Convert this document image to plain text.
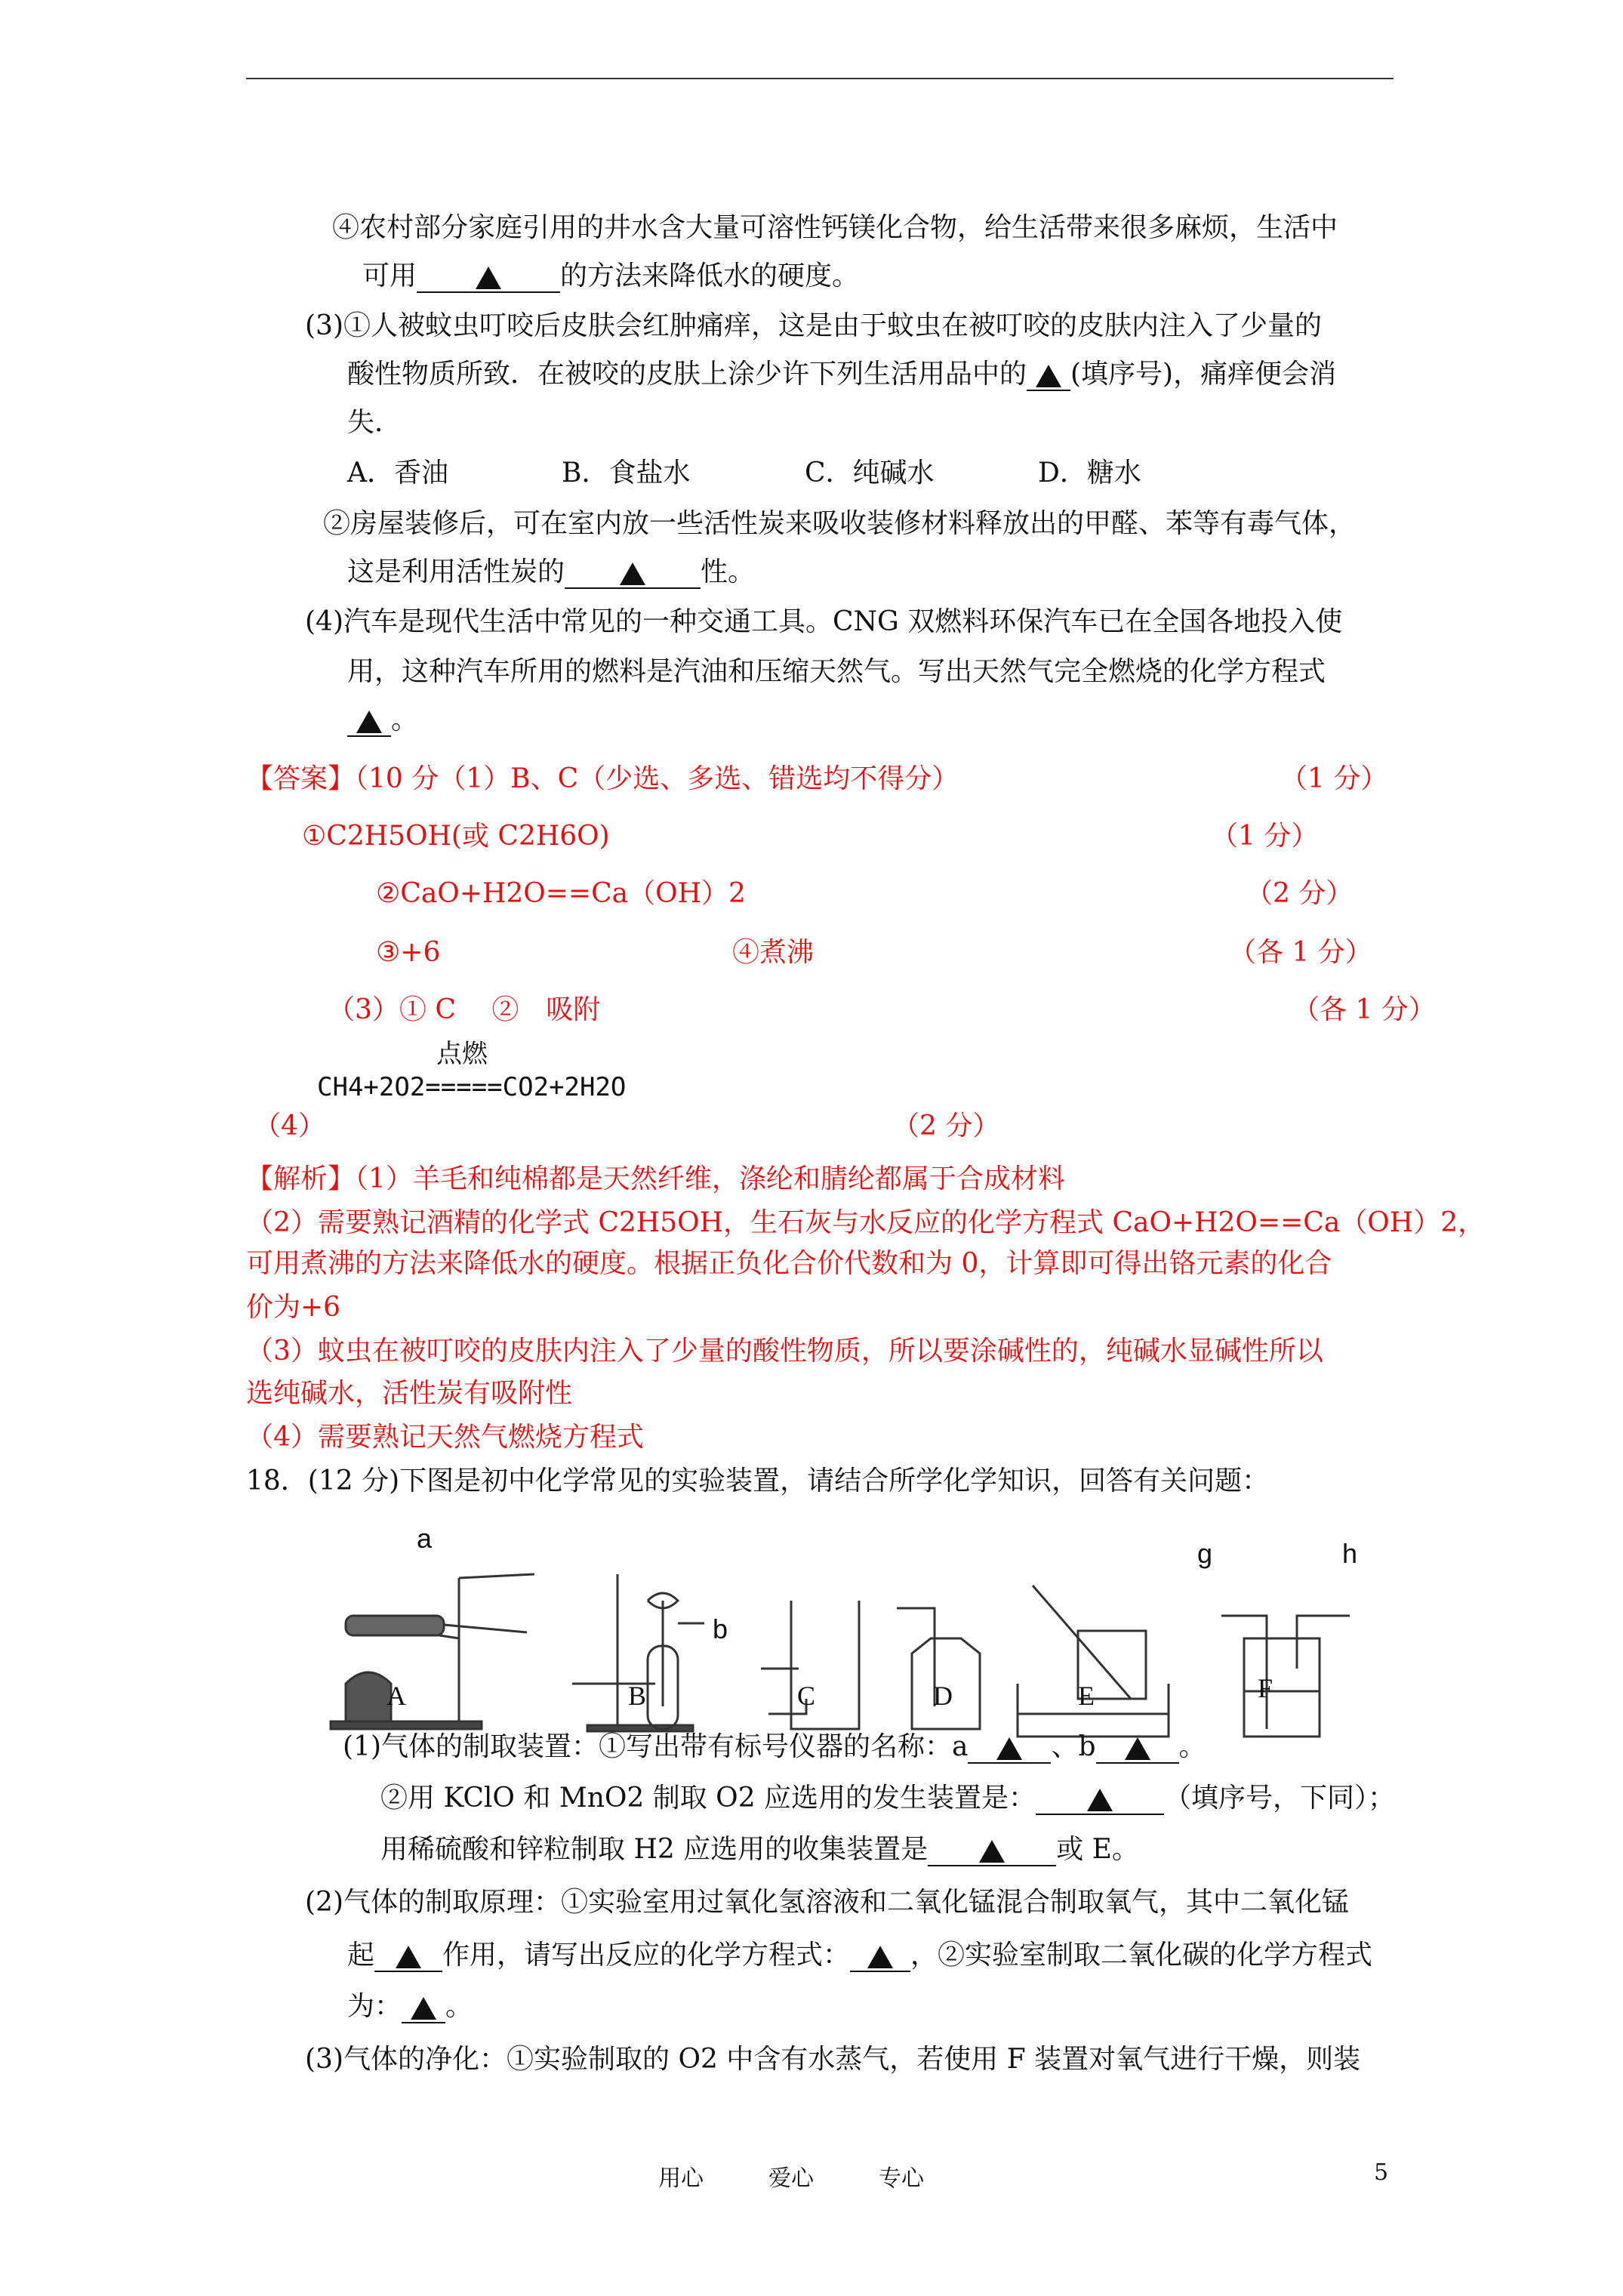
④农村部分家庭引用的井水含大量可溶性钙镁化合物，给生活带来很多麻烦，生活中
可用	的方法来降低水的硬度。
(3)①人被蚊虫叮咬后皮肤会红肿痛痒，这是由于蚊虫在被叮咬的皮肤内注入了少量的
酸性物质所致．在被咬的皮肤上涂少许下列生活用品中的 (填序号)，痛痒便会消
失．
A．香油	B．食盐水	C．纯碱水	D．糖水
②房屋装修后，可在室内放一些活性炭来吸收装修材料释放出的甲醛、苯等有毒气体，
这是利用活性炭的	性。
(4)汽车是现代生活中常见的一种交通工具。CNG 双燃料环保汽车已在全国各地投入使
用，这种汽车所用的燃料是汽油和压缩天然气。写出天然气完全燃烧的化学方程式
。
【答案】（10 分（1）B、C（少选、多选、错选均不得分）	（1 分）
①C2H5OH(或 C2H6O)	（1 分）
②CaO+H2O==Ca（OH）2	（2 分）
③+6	④煮沸	（各 1 分）
（3）① C　 ②　吸附	（各 1 分）
点燃
CH4+2O2=====CO2+2H2O
（4）	（2 分）
【解析】（1）羊毛和纯棉都是天然纤维，涤纶和腈纶都属于合成材料
（2）需要熟记酒精的化学式 C2H5OH，生石灰与水反应的化学方程式 CaO+H2O==Ca（OH）2，
可用煮沸的方法来降低水的硬度。根据正负化合价代数和为 0，计算即可得出铬元素的化合
价为+6
（3）蚊虫在被叮咬的皮肤内注入了少量的酸性物质，所以要涂碱性的，纯碱水显碱性所以
选纯碱水，活性炭有吸附性
（4）需要熟记天然气燃烧方程式
18．(12 分)下图是初中化学常见的实验装置，请结合所学化学知识，回答有关问题：
a
b
g	h
A	B	C	D	E	F
(1)气体的制取装置：①写出带有标号仪器的名称：a	、b	。
②用 KClO 和 MnO2 制取 O2 应选用的发生装置是：	（填序号，下同）；
用稀硫酸和锌粒制取 H2 应选用的收集装置是	或 E。
(2)气体的制取原理：①实验室用过氧化氢溶液和二氧化锰混合制取氧气，其中二氧化锰
起	作用，请写出反应的化学方程式： ，②实验室制取二氧化碳的化学方程式
为： 。
(3)气体的净化：①实验制取的 O2 中含有水蒸气，若使用 F 装置对氧气进行干燥，则装
用心	爱心	专心	5
